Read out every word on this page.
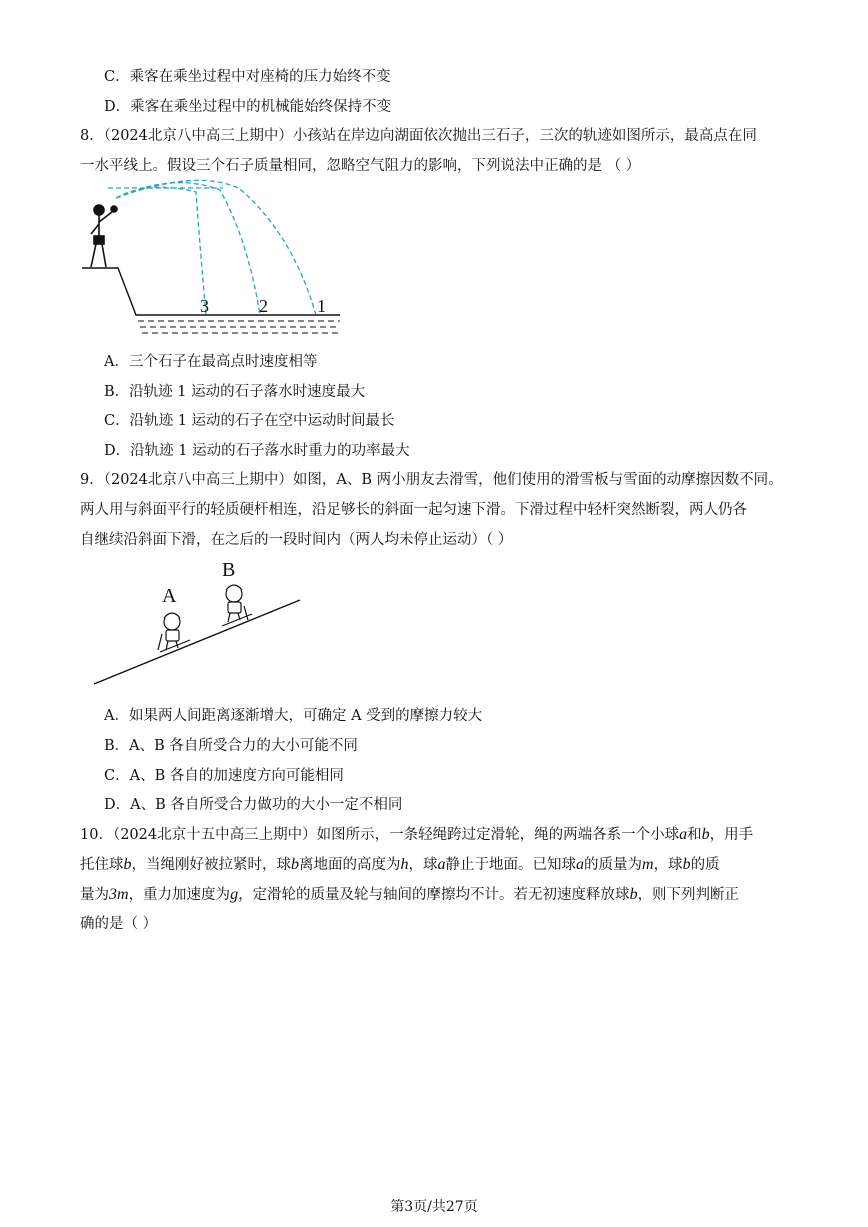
C．乘客在乘坐过程中对座椅的压力始终不变
D．乘客在乘坐过程中的机械能始终保持不变
8．（2024北京八中高三上期中）小孩站在岸边向湖面依次抛出三石子，三次的轨迹如图所示，最高点在同
一水平线上。假设三个石子质量相同，忽略空气阻力的影响，下列说法中正确的是 （ ）
3	2	1
A．三个石子在最高点时速度相等
B．沿轨迹 1 运动的石子落水时速度最大
C．沿轨迹 1 运动的石子在空中运动时间最长
D．沿轨迹 1 运动的石子落水时重力的功率最大
9．（2024北京八中高三上期中）如图，A、B 两小朋友去滑雪，他们使用的滑雪板与雪面的动摩擦因数不同。
两人用与斜面平行的轻质硬杆相连，沿足够长的斜面一起匀速下滑。下滑过程中轻杆突然断裂，两人仍各
自继续沿斜面下滑，在之后的一段时间内（两人均未停止运动）（ ）
A
B
A．如果两人间距离逐渐增大，可确定 A 受到的摩擦力较大
B．A、B 各自所受合力的大小可能不同
C．A、B 各自的加速度方向可能相同
D．A、B 各自所受合力做功的大小一定不相同
10．（2024北京十五中高三上期中）如图所示，一条轻绳跨过定滑轮，绳的两端各系一个小球a和b，用手
托住球b，当绳刚好被拉紧时，球b离地面的高度为h，球a静止于地面。已知球a的质量为m，球b的质
量为3m，重力加速度为g，定滑轮的质量及轮与轴间的摩擦均不计。若无初速度释放球b，则下列判断正
确的是（ ）
第3页/共27页
